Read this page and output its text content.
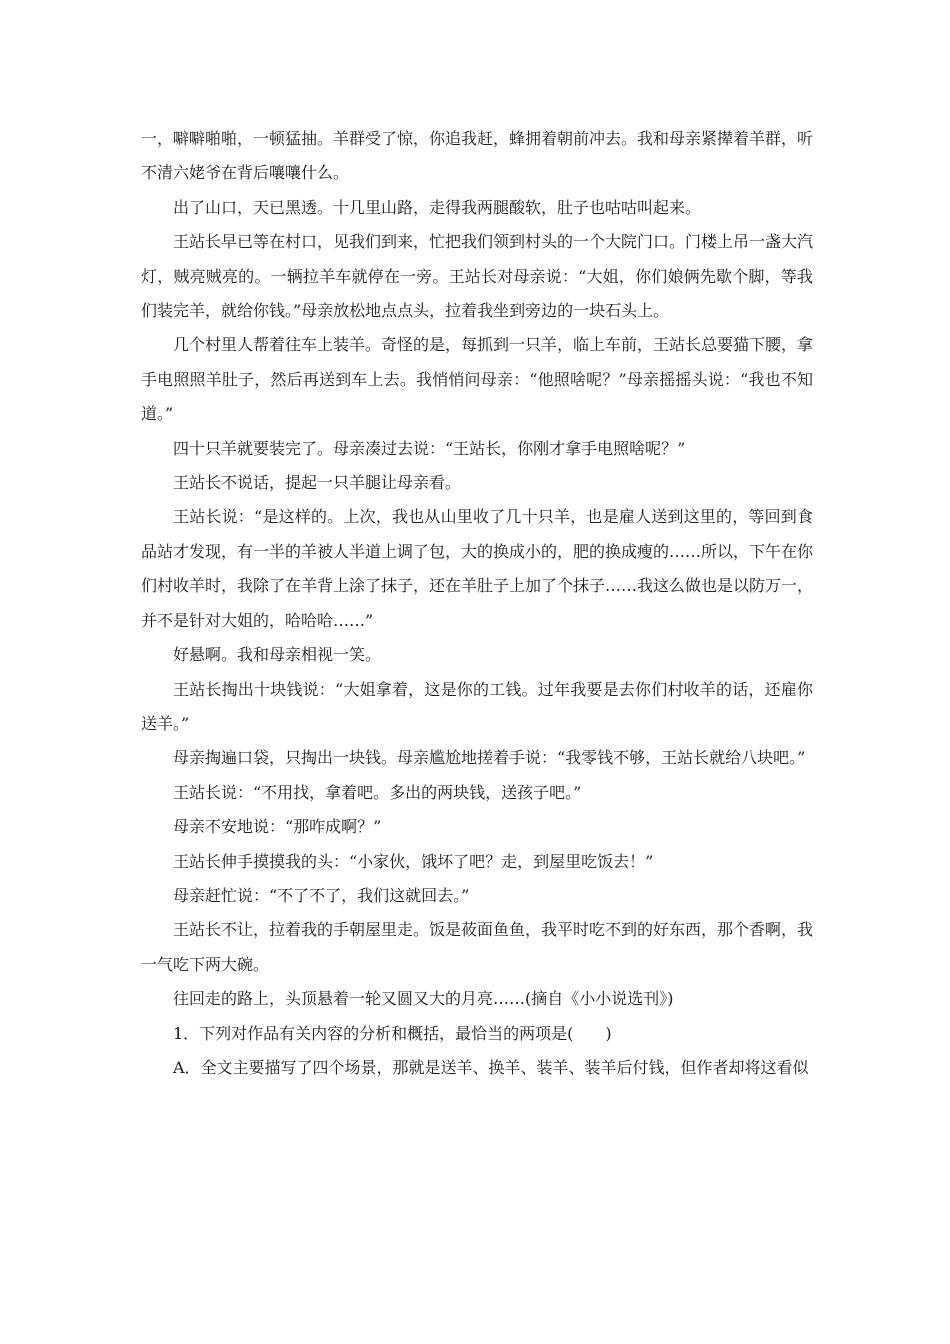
一，噼噼啪啪，一顿猛抽。羊群受了惊，你追我赶，蜂拥着朝前冲去。我和母亲紧撵着羊群，听不清六姥爷在背后嚷嚷什么。

出了山口，天已黑透。十几里山路，走得我两腿酸软，肚子也咕咕叫起来。

王站长早已等在村口，见我们到来，忙把我们领到村头的一个大院门口。门楼上吊一盏大汽灯，贼亮贼亮的。一辆拉羊车就停在一旁。王站长对母亲说：“大姐，你们娘俩先歇个脚，等我们装完羊，就给你钱。”母亲放松地点点头，拉着我坐到旁边的一块石头上。

几个村里人帮着往车上装羊。奇怪的是，每抓到一只羊，临上车前，王站长总要猫下腰，拿手电照照羊肚子，然后再送到车上去。我悄悄问母亲：“他照啥呢？”母亲摇摇头说：“我也不知道。”

四十只羊就要装完了。母亲凑过去说：“王站长，你刚才拿手电照啥呢？”

王站长不说话，提起一只羊腿让母亲看。

王站长说：“是这样的。上次，我也从山里收了几十只羊，也是雇人送到这里的，等回到食品站才发现，有一半的羊被人半道上调了包，大的换成小的，肥的换成瘦的……所以，下午在你们村收羊时，我除了在羊背上涂了抹子，还在羊肚子上加了个抹子……我这么做也是以防万一，并不是针对大姐的，哈哈哈……”

好悬啊。我和母亲相视一笑。

王站长掏出十块钱说：“大姐拿着，这是你的工钱。过年我要是去你们村收羊的话，还雇你送羊。”

母亲掏遍口袋，只掏出一块钱。母亲尴尬地搓着手说：“我零钱不够，王站长就给八块吧。”

王站长说：“不用找，拿着吧。多出的两块钱，送孩子吧。”

母亲不安地说：“那咋成啊？”

王站长伸手摸摸我的头：“小家伙，饿坏了吧？走，到屋里吃饭去！”

母亲赶忙说：“不了不了，我们这就回去。”

王站长不让，拉着我的手朝屋里走。饭是莜面鱼鱼，我平时吃不到的好东西，那个香啊，我一气吃下两大碗。

往回走的路上，头顶悬着一轮又圆又大的月亮……(摘自《小小说选刊》)

1．下列对作品有关内容的分析和概括，最恰当的两项是(　　)

A．全文主要描写了四个场景，那就是送羊、换羊、装羊、装羊后付钱，但作者却将这看似
